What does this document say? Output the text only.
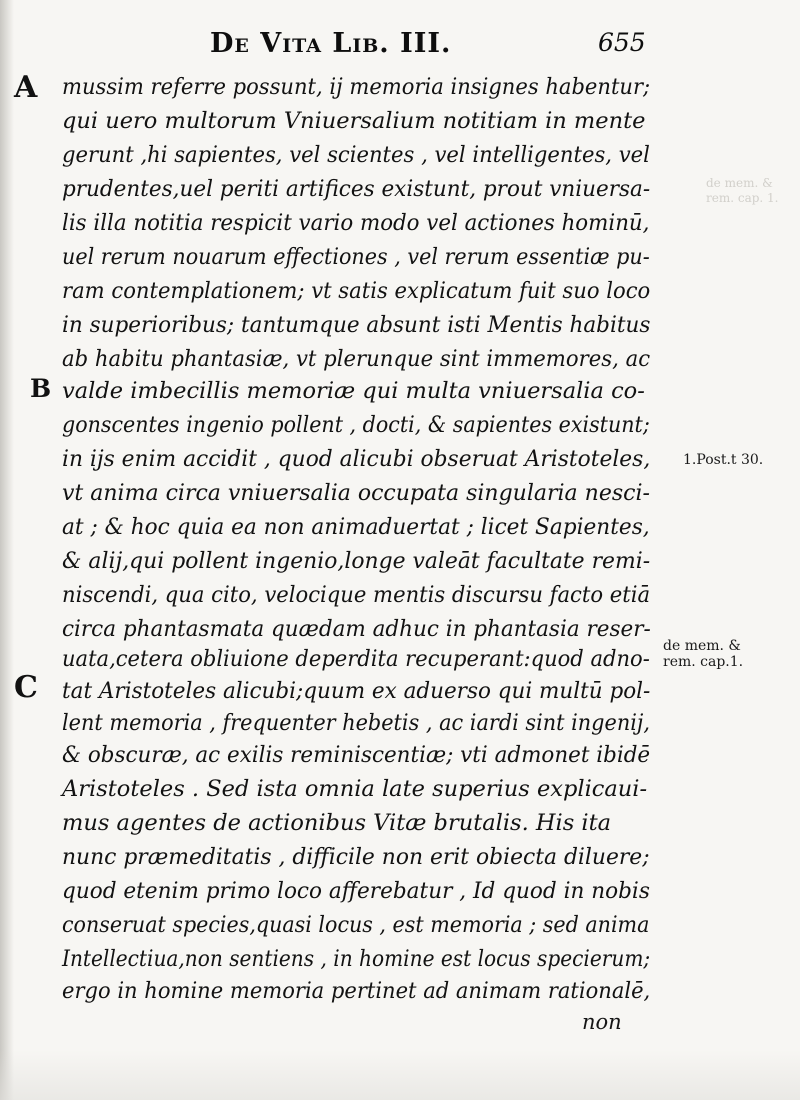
de mem. &
rem. cap. 1.
De Vita Lib. III.	655
A
B
C
mussim referre possunt, ij memoria insignes habentur;
qui uero multorum Vniuersalium notitiam in mente
gerunt ,hi sapientes, vel scientes , vel intelligentes, vel
prudentes,uel periti artifices existunt, prout vniuersa-
lis illa notitia respicit vario modo vel actiones hominū,
uel rerum nouarum effectiones , vel rerum essentiæ pu-
ram contemplationem; vt satis explicatum fuit suo loco
in superioribus; tantumque absunt isti Mentis habitus
ab habitu phantasiæ, vt plerunque sint immemores, ac
valde imbecillis memoriæ qui multa vniuersalia co-
gonscentes ingenio pollent , docti, & sapientes existunt;
in ijs enim accidit , quod alicubi obseruat Aristoteles,
vt anima circa vniuersalia occupata singularia nesci-
at ; & hoc quia ea non animaduertat ; licet Sapientes,
& alij,qui pollent ingenio,longe valeāt facultate remi-
niscendi, qua cito, velocique mentis discursu facto etiā
circa phantasmata quædam adhuc in phantasia reser-
uata,cetera obliuione deperdita recuperant:quod adno-
tat Aristoteles alicubi;quum ex aduerso qui multū pol-
lent memoria , frequenter hebetis , ac iardi sint ingenij,
& obscuræ, ac exilis reminiscentiæ; vti admonet ibidē
Aristoteles . Sed ista omnia late superius explicaui-
mus agentes de actionibus Vitæ brutalis. His ita
nunc præmeditatis , difficile non erit obiecta diluere;
quod etenim primo loco afferebatur , Id quod in nobis
conseruat species,quasi locus , est memoria ; sed anima
Intellectiua,non sentiens , in homine est locus specierum;
ergo in homine memoria pertinet ad animam rationalē,
1.Post.t 30.
de mem. &
rem. cap.1.
non
